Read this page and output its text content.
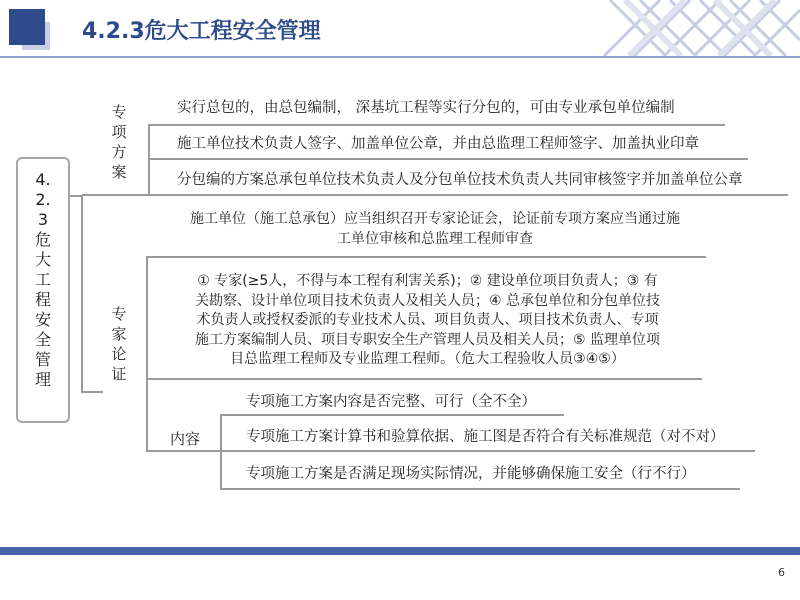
4.2.3危大工程安全管理
4.
2.
3
危
大
工
程
安
全
管
理
专
项
方
案
实行总包的，由总包编制， 深基坑工程等实行分包的，可由专业承包单位编制
施工单位技术负责人签字、加盖单位公章，并由总监理工程师签字、加盖执业印章
分包编的方案总承包单位技术负责人及分包单位技术负责人共同审核签字并加盖单位公章
专
家
论
证
施工单位（施工总承包）应当组织召开专家论证会，论证前专项方案应当通过施
工单位审核和总监理工程师审查
① 专家(≥5人，不得与本工程有利害关系)；② 建设单位项目负责人；③ 有
关勘察、设计单位项目技术负责人及相关人员；④ 总承包单位和分包单位技
术负责人或授权委派的专业技术人员、项目负责人、项目技术负责人、专项
施工方案编制人员、项目专职安全生产管理人员及相关人员；⑤ 监理单位项
目总监理工程师及专业监理工程师。（危大工程验收人员③④⑤）
内容
专项施工方案内容是否完整、可行（全不全）
专项施工方案计算书和验算依据、施工图是否符合有关标准规范（对不对）
专项施工方案是否满足现场实际情况，并能够确保施工安全（行不行）
6
